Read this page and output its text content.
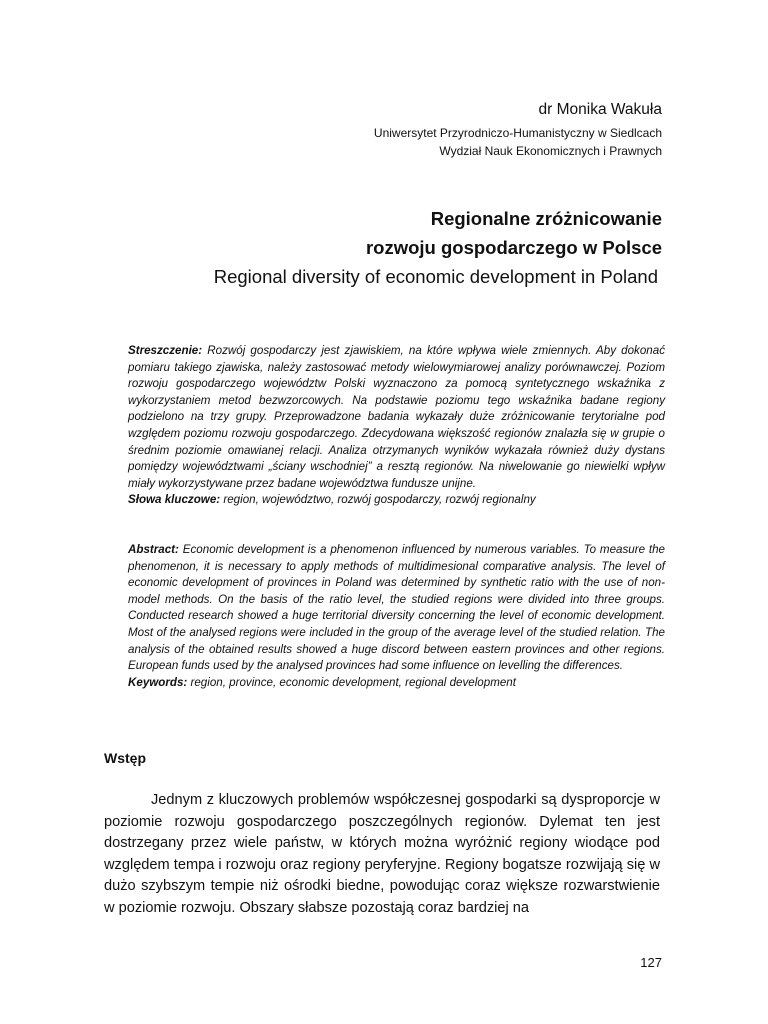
dr Monika Wakuła

Uniwersytet Przyrodniczo-Humanistyczny w Siedlcach

Wydział Nauk Ekonomicznych i Prawnych

Regionalne zróżnicowanie

rozwoju gospodarczego w Polsce

Regional diversity of economic development in Poland

Streszczenie: Rozwój gospodarczy jest zjawiskiem, na które wpływa wiele zmiennych. Aby dokonać pomiaru takiego zjawiska, należy zastosować metody wielowymiarowej analizy porównawczej. Poziom rozwoju gospodarczego województw Polski wyznaczono za pomocą syntetycznego wskaźnika z wykorzystaniem metod bezwzorcowych. Na podstawie poziomu tego wskaźnika badane regiony podzielono na trzy grupy. Przeprowadzone badania wykazały duże zróżnicowanie terytorialne pod względem poziomu rozwoju gospodarczego. Zdecydowana większość regionów znalazła się w grupie o średnim poziomie omawianej relacji. Analiza otrzymanych wyników wykazała również duży dystans pomiędzy województwami „ściany wschodniej” a resztą regionów. Na niwelowanie go niewielki wpływ miały wykorzystywane przez badane województwa fundusze unijne.

Słowa kluczowe: region, województwo, rozwój gospodarczy, rozwój regionalny

Abstract: Economic development is a phenomenon influenced by numerous variables. To measure the phenomenon, it is necessary to apply methods of multidimesional comparative analysis. The level of economic development of provinces in Poland was determined by synthetic ratio with the use of non-model methods. On the basis of the ratio level, the studied regions were divided into three groups. Conducted research showed a huge territorial diversity concerning the level of economic development. Most of the analysed regions were included in the group of the average level of the studied relation. The analysis of the obtained results showed a huge discord between eastern provinces and other regions. European funds used by the analysed provinces had some influence on levelling the differences.

Keywords: region, province, economic development, regional development

Wstęp

Jednym z kluczowych problemów współczesnej gospodarki są dysproporcje w poziomie rozwoju gospodarczego poszczególnych regionów. Dylemat ten jest dostrzegany przez wiele państw, w których można wyróżnić regiony wiodące pod względem tempa i rozwoju oraz regiony peryferyjne. Regiony bogatsze rozwijają się w dużo szybszym tempie niż ośrodki biedne, powodując coraz większe rozwarstwienie w poziomie rozwoju. Obszary słabsze pozostają coraz bardziej na

127
